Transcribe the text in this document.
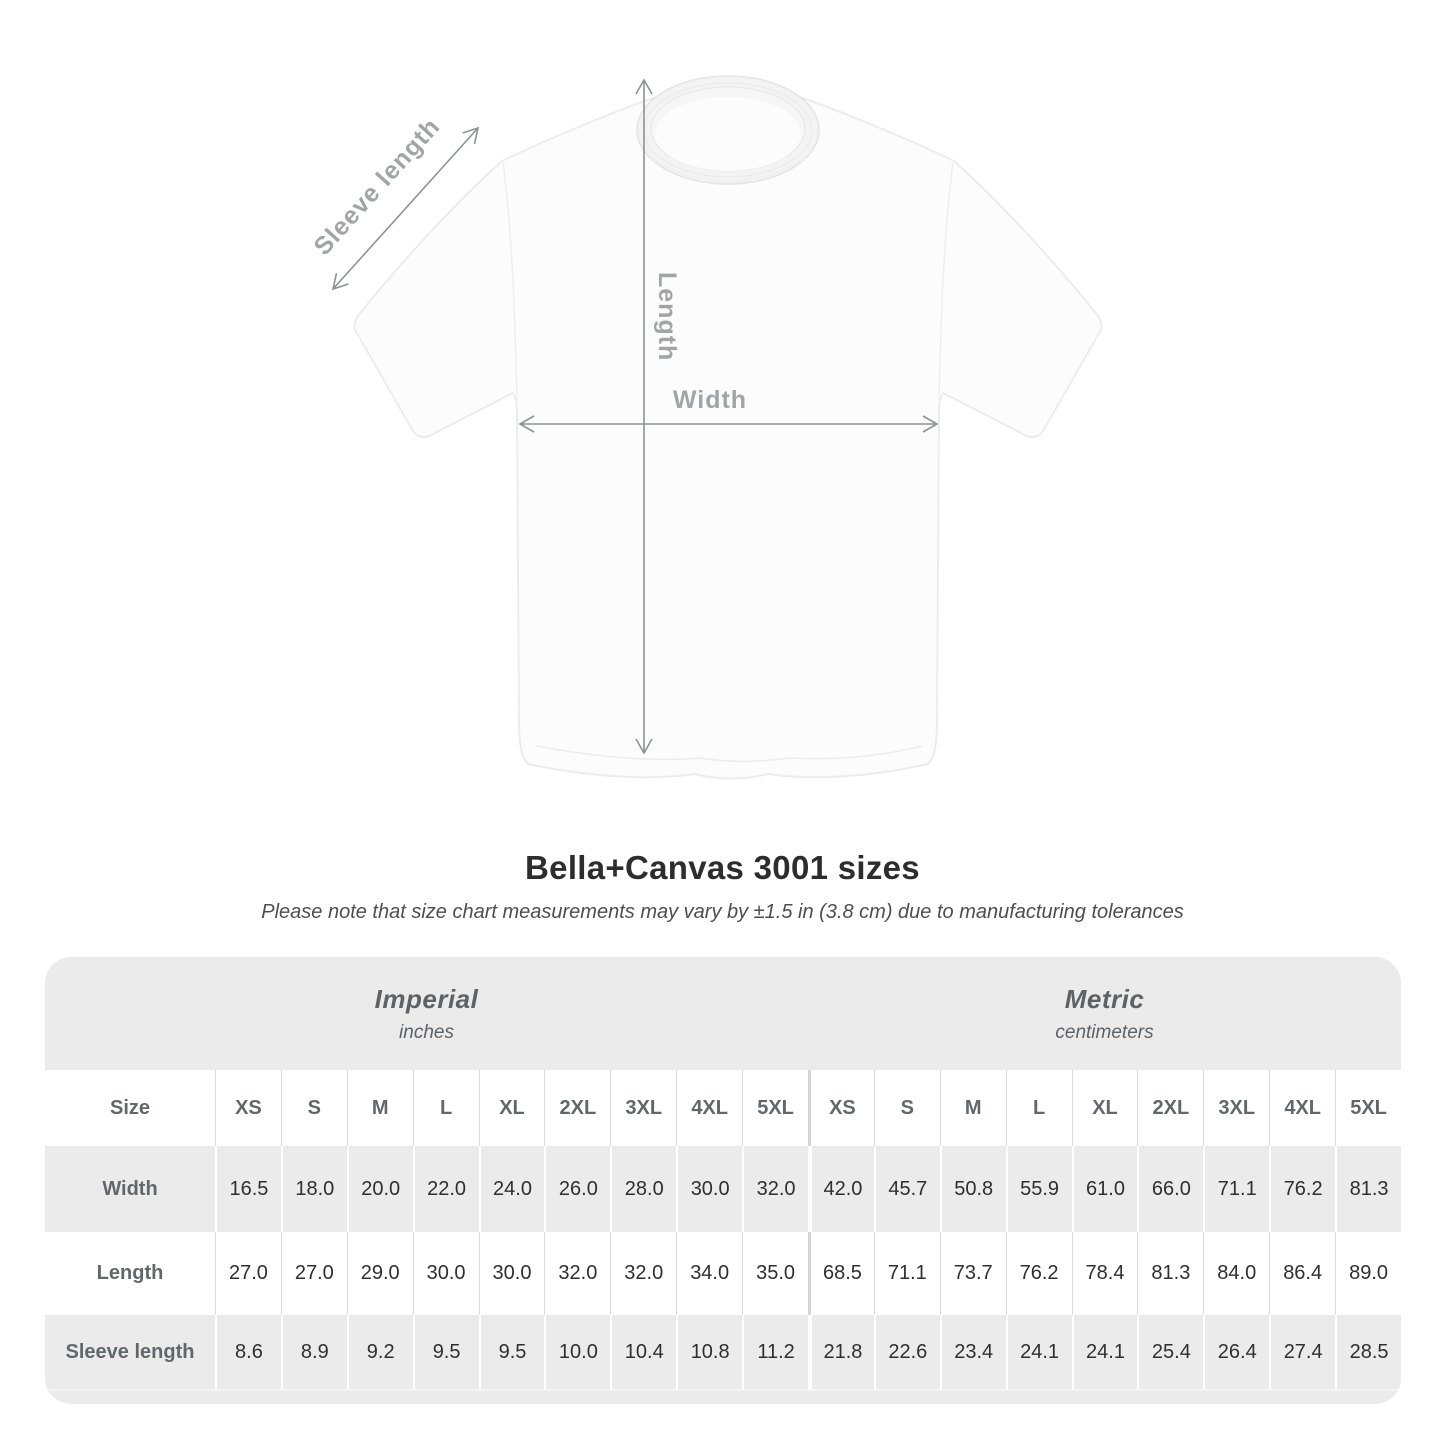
Length
Width
Sleeve length
Bella+Canvas 3001 sizes

Please note that size chart measurements may vary by ±1.5 in (3.8 cm) due to manufacturing tolerances

Imperial
inches
Metric
centimeters
Size	XS	S	M	L	XL	2XL	3XL	4XL	5XL	XS	S	M	L	XL	2XL	3XL	4XL	5XL
Width	16.5	18.0	20.0	22.0	24.0	26.0	28.0	30.0	32.0	42.0	45.7	50.8	55.9	61.0	66.0	71.1	76.2	81.3
Length	27.0	27.0	29.0	30.0	30.0	32.0	32.0	34.0	35.0	68.5	71.1	73.7	76.2	78.4	81.3	84.0	86.4	89.0
Sleeve length	8.6	8.9	9.2	9.5	9.5	10.0	10.4	10.8	11.2	21.8	22.6	23.4	24.1	24.1	25.4	26.4	27.4	28.5
